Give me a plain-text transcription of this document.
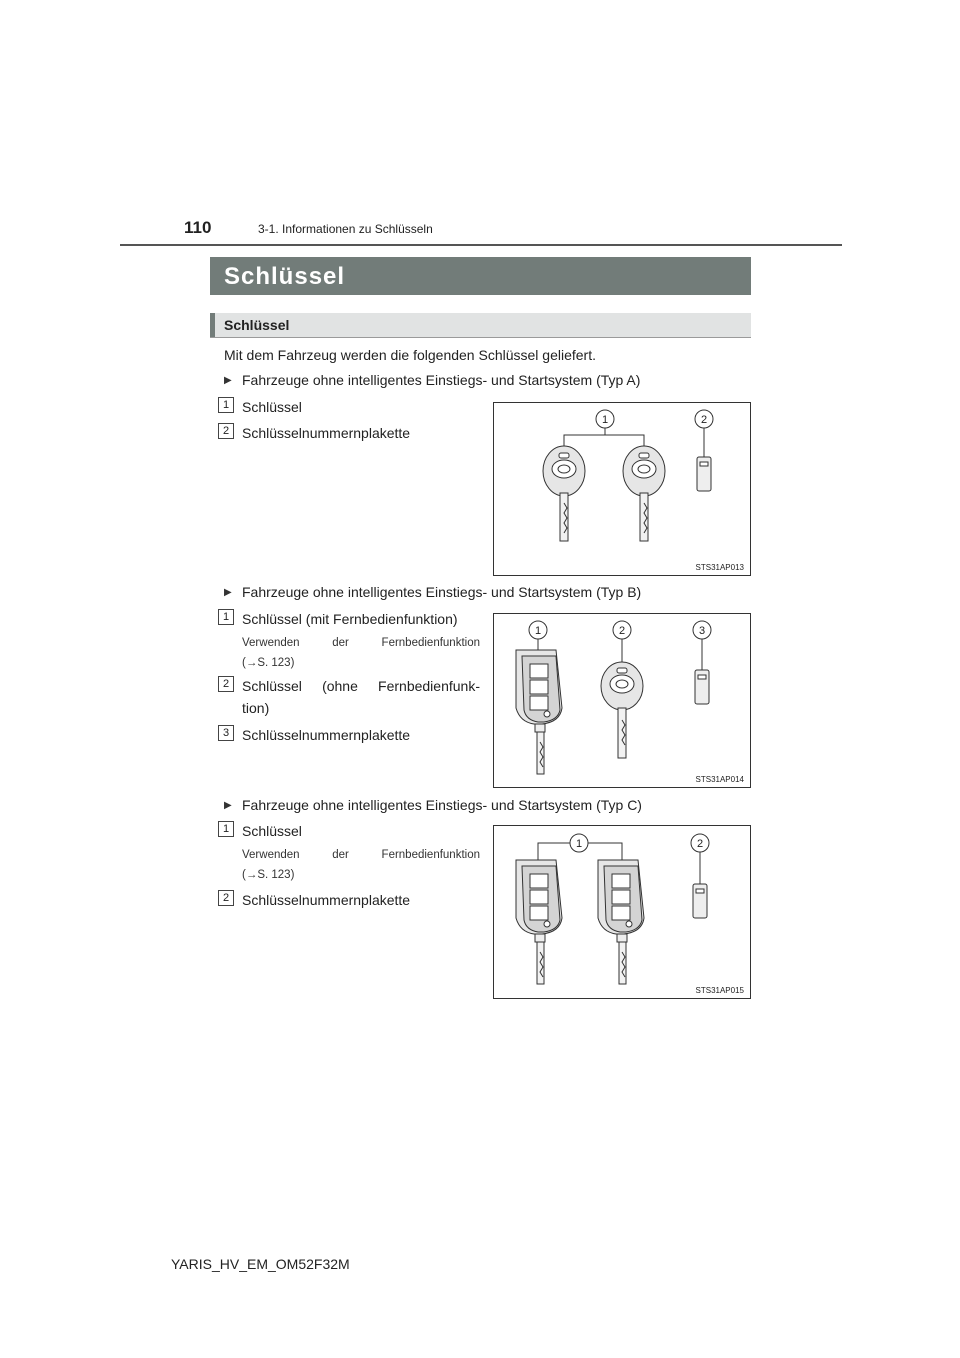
110	3-1. Informationen zu Schlüsseln
Schlüssel
Schlüssel
Mit dem Fahrzeug werden die folgenden Schlüssel geliefert.
▶ Fahrzeuge ohne intelligentes Einstiegs- und Startsystem (Typ A)
1 Schlüssel
2 Schlüsselnummernplakette
1	2
STS31AP013
▶ Fahrzeuge ohne intelligentes Einstiegs- und Startsystem (Typ B)
1 Schlüssel (mit Fernbedienfunktion)
Verwenden der Fernbedienfunktion
(→S. 123)
2 Schlüssel (ohne Fernbedienfunk-
tion)
3 Schlüsselnummernplakette
1	2	3
STS31AP014
▶ Fahrzeuge ohne intelligentes Einstiegs- und Startsystem (Typ C)
1 Schlüssel
Verwenden der Fernbedienfunktion
(→S. 123)
2 Schlüsselnummernplakette
1	2
STS31AP015
YARIS_HV_EM_OM52F32M
